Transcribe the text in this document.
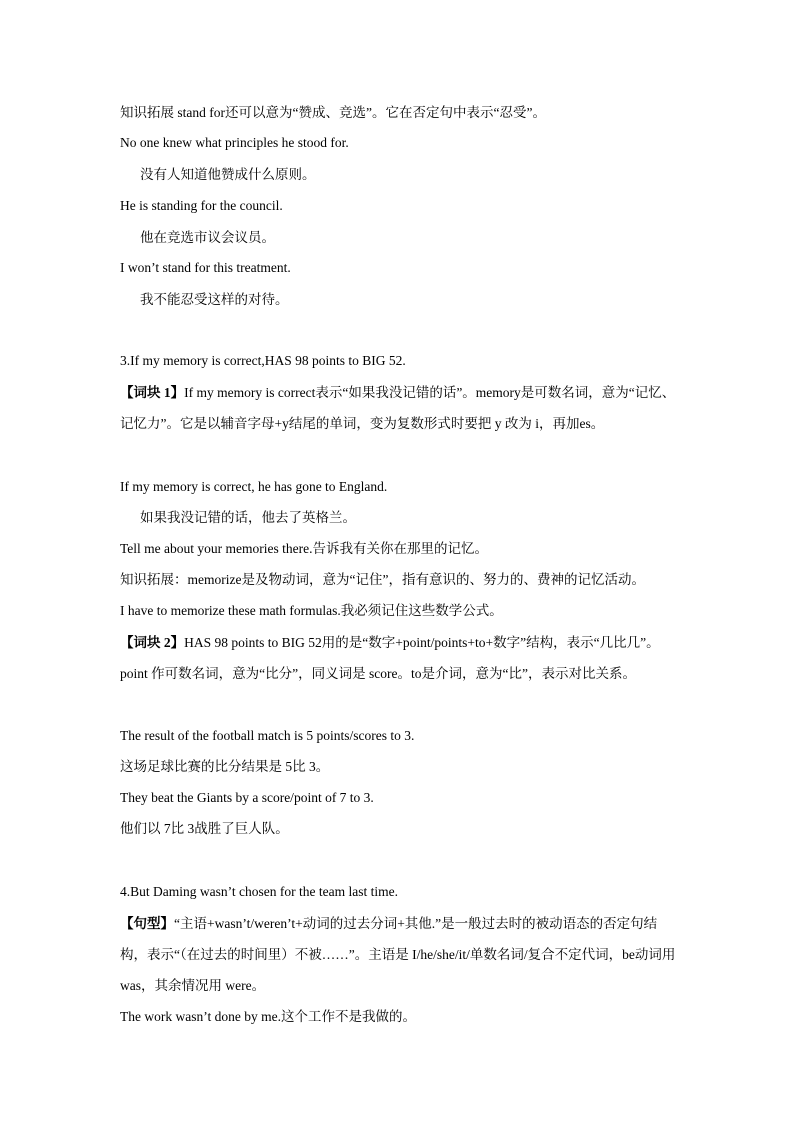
知识拓展 stand for还可以意为“赞成、竞选”。它在否定句中表示“忍受”。
No one knew what principles he stood for.
没有人知道他赞成什么原则。
He is standing for the council.
他在竞选市议会议员。
I won’t stand for this treatment.
我不能忍受这样的对待。
3.If my memory is correct,HAS 98 points to BIG 52.
【词块 1】If my memory is correct表示“如果我没记错的话”。memory是可数名词，意为“记忆、记忆力”。它是以辅音字母+y结尾的单词，变为复数形式时要把 y 改为 i，再加es。
If my memory is correct, he has gone to England.
如果我没记错的话，他去了英格兰。
Tell me about your memories there.告诉我有关你在那里的记忆。
知识拓展：memorize是及物动词，意为“记住”，指有意识的、努力的、费神的记忆活动。
I have to memorize these math formulas.我必须记住这些数学公式。
【词块 2】HAS 98 points to BIG 52用的是“数字+point/points+to+数字”结构，表示“几比几”。point 作可数名词，意为“比分”，同义词是 score。to是介词，意为“比”，表示对比关系。
The result of the football match is 5 points/scores to 3.
这场足球比赛的比分结果是 5比 3。
They beat the Giants by a score/point of 7 to 3.
他们以 7比 3战胜了巨人队。
4.But Daming wasn’t chosen for the team last time.
【句型】“主语+wasn’t/weren’t+动词的过去分词+其他.”是一般过去时的被动语态的否定句结构，表示“（在过去的时间里）不被……”。主语是 I/he/she/it/单数名词/复合不定代词，be动词用 was，其余情况用 were。
The work wasn’t done by me.这个工作不是我做的。
